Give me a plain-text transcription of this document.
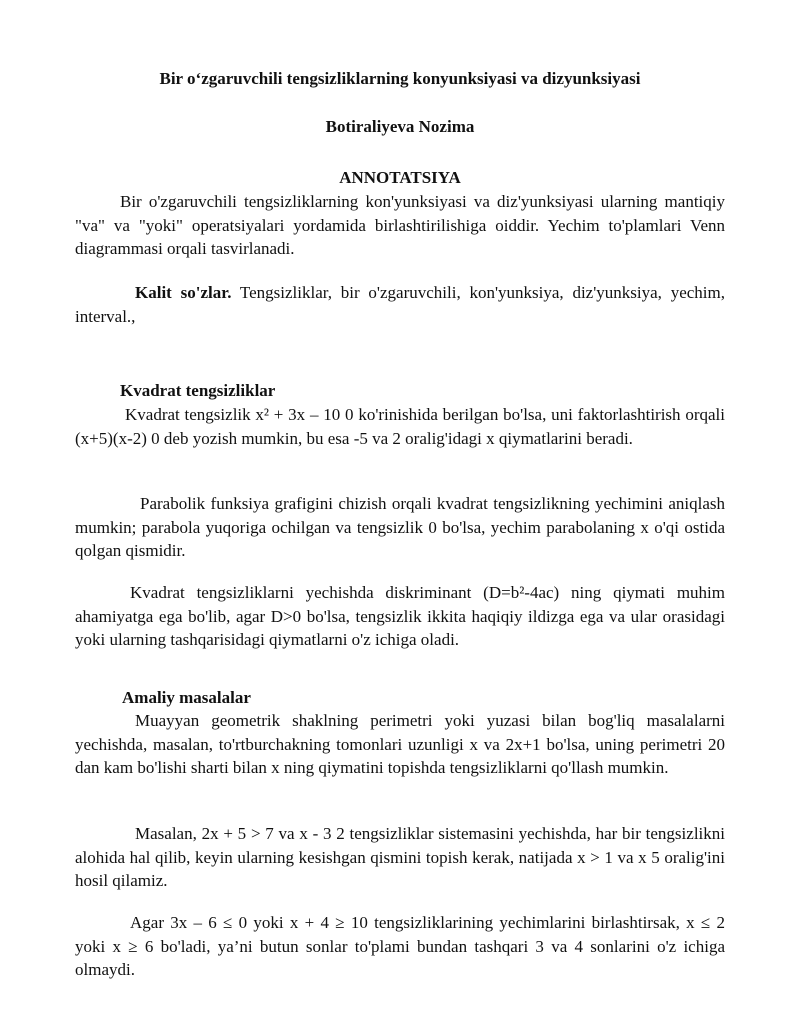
Bir o‘zgaruvchili tengsizliklarning konyunksiyasi va dizyunksiyasi
Botiraliyeva Nozima
ANNOTATSIYA

Bir o'zgaruvchili tengsizliklarning kon'yunksiyasi va diz'yunksiyasi ularning mantiqiy "va" va "yoki" operatsiyalari yordamida birlashtirilishiga oiddir. Yechim to'plamlari Venn diagrammasi orqali tasvirlanadi.

Kalit so'zlar. Tengsizliklar, bir o'zgaruvchili, kon'yunksiya, diz'yunksiya, yechim, interval.,

Kvadrat tengsizliklar

Kvadrat tengsizlik x² + 3x – 10 0 ko'rinishida berilgan bo'lsa, uni faktorlashtirish orqali (x+5)(x-2) 0 deb yozish mumkin, bu esa -5 va 2 oralig'idagi x qiymatlarini beradi.

Parabolik funksiya grafigini chizish orqali kvadrat tengsizlikning yechimini aniqlash mumkin; parabola yuqoriga ochilgan va tengsizlik 0 bo'lsa, yechim parabolaning x o'qi ostida qolgan qismidir.

Kvadrat tengsizliklarni yechishda diskriminant (D=b²-4ac) ning qiymati muhim ahamiyatga ega bo'lib, agar D>0 bo'lsa, tengsizlik ikkita haqiqiy ildizga ega va ular orasidagi yoki ularning tashqarisidagi qiymatlarni o'z ichiga oladi.

Amaliy masalalar

Muayyan geometrik shaklning perimetri yoki yuzasi bilan bog'liq masalalarni yechishda, masalan, to'rtburchakning tomonlari uzunligi x va 2x+1 bo'lsa, uning perimetri 20 dan kam bo'lishi sharti bilan x ning qiymatini topishda tengsizliklarni qo'llash mumkin.

Masalan, 2x + 5 > 7 va x - 3 2 tengsizliklar sistemasini yechishda, har bir tengsizlikni alohida hal qilib, keyin ularning kesishgan qismini topish kerak, natijada x > 1 va x 5 oralig'ini hosil qilamiz.

Agar 3x – 6 ≤ 0 yoki x + 4 ≥ 10 tengsizliklarining yechimlarini birlashtirsak, x ≤ 2 yoki x ≥ 6 bo'ladi, ya’ni butun sonlar to'plami bundan tashqari 3 va 4 sonlarini o'z ichiga olmaydi.
